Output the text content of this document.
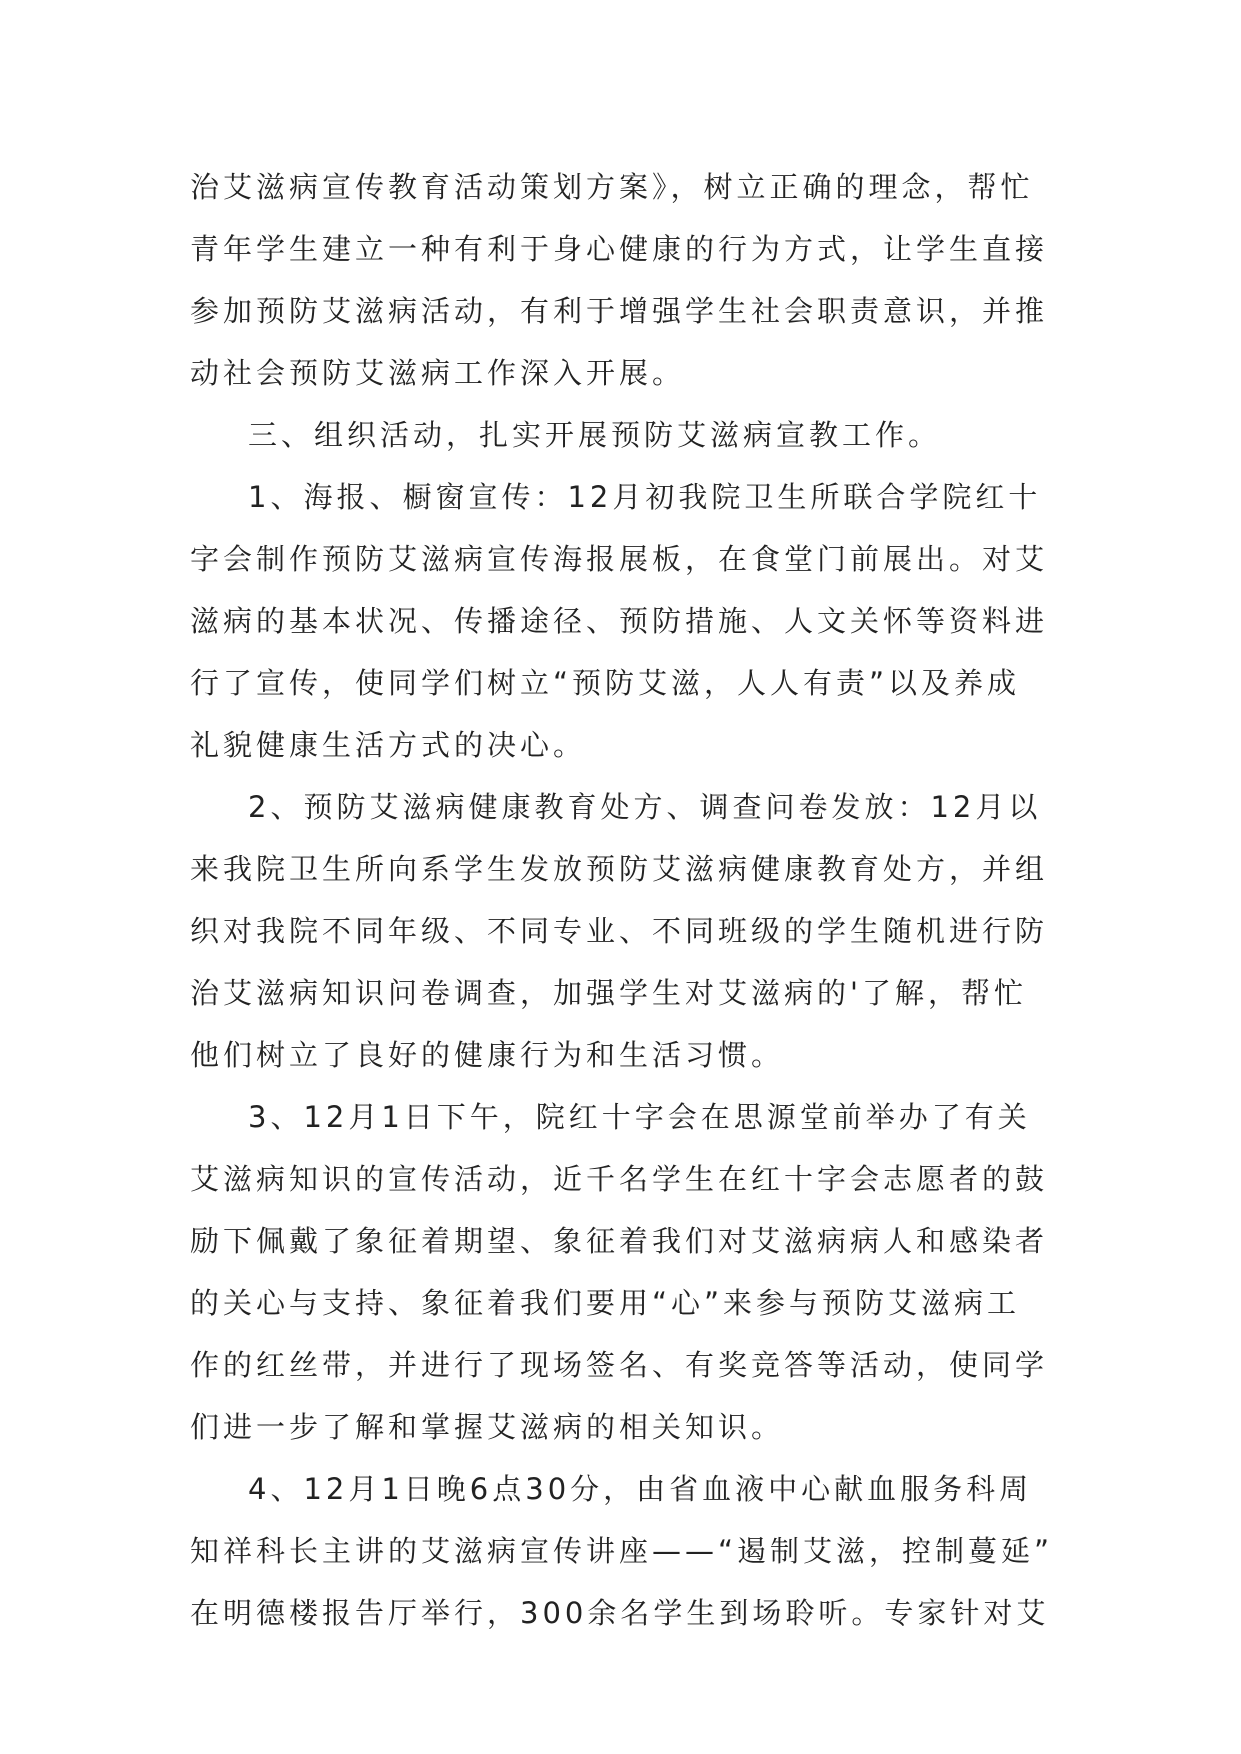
治艾滋病宣传教育活动策划方案》，树立正确的理念，帮忙
青年学生建立一种有利于身心健康的行为方式，让学生直接
参加预防艾滋病活动，有利于增强学生社会职责意识，并推
动社会预防艾滋病工作深入开展。
三、组织活动，扎实开展预防艾滋病宣教工作。
1、海报、橱窗宣传：12月初我院卫生所联合学院红十
字会制作预防艾滋病宣传海报展板，在食堂门前展出。对艾
滋病的基本状况、传播途径、预防措施、人文关怀等资料进
行了宣传，使同学们树立“预防艾滋，人人有责”以及养成
礼貌健康生活方式的决心。
2、预防艾滋病健康教育处方、调查问卷发放：12月以
来我院卫生所向系学生发放预防艾滋病健康教育处方，并组
织对我院不同年级、不同专业、不同班级的学生随机进行防
治艾滋病知识问卷调查，加强学生对艾滋病的'了解，帮忙
他们树立了良好的健康行为和生活习惯。
3、12月1日下午，院红十字会在思源堂前举办了有关
艾滋病知识的宣传活动，近千名学生在红十字会志愿者的鼓
励下佩戴了象征着期望、象征着我们对艾滋病病人和感染者
的关心与支持、象征着我们要用“心”来参与预防艾滋病工
作的红丝带，并进行了现场签名、有奖竞答等活动，使同学
们进一步了解和掌握艾滋病的相关知识。
4、12月1日晚6点30分，由省血液中心献血服务科周
知祥科长主讲的艾滋病宣传讲座——“遏制艾滋，控制蔓延”
在明德楼报告厅举行，300余名学生到场聆听。专家针对艾
